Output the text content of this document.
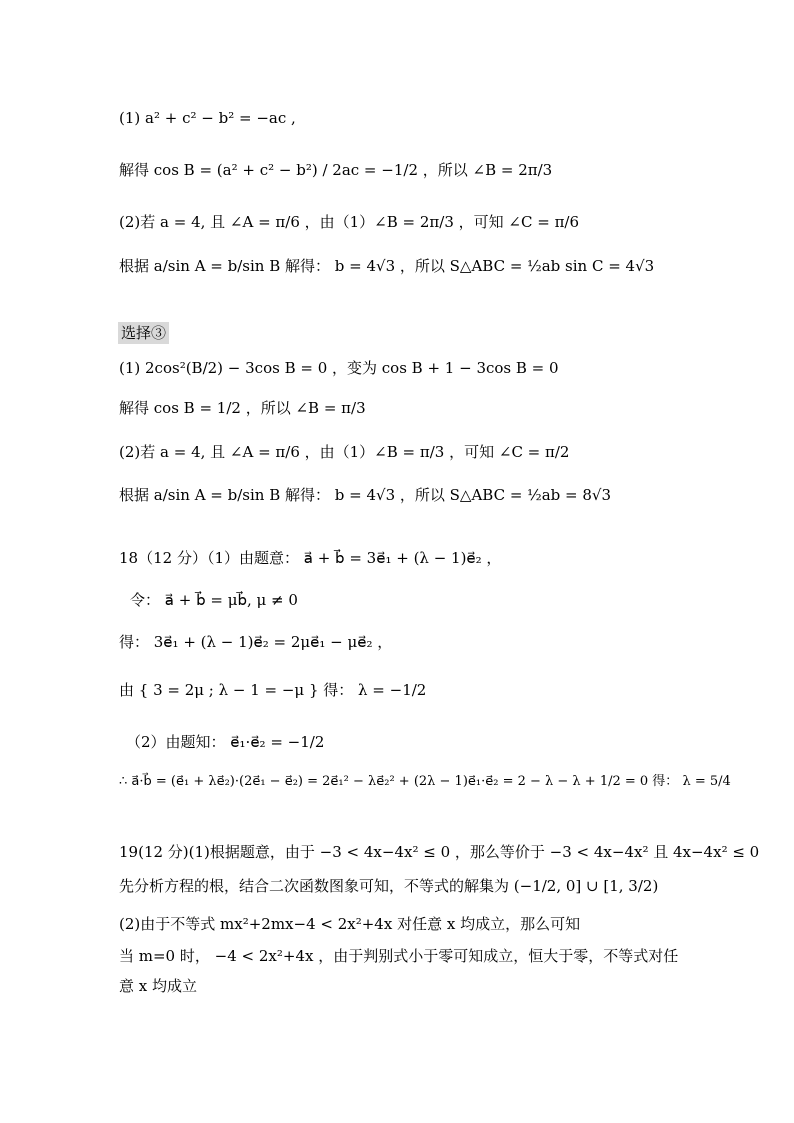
(1) a² + c² − b² = −ac ,
解得 cos B = (a² + c² − b²) / 2ac = −1/2 ，所以 ∠B = 2π/3
(2)若 a = 4, 且 ∠A = π/6 ，由（1）∠B = 2π/3 ，可知 ∠C = π/6
根据 a/sin A = b/sin B 解得： b = 4√3 ，所以 S△ABC = ½ab sin C = 4√3
选择③
(1) 2cos²(B/2) − 3cos B = 0 ，变为 cos B + 1 − 3cos B = 0
解得 cos B = 1/2 ，所以 ∠B = π/3
(2)若 a = 4, 且 ∠A = π/6 ，由（1）∠B = π/3 ，可知 ∠C = π/2
根据 a/sin A = b/sin B 解得： b = 4√3 ，所以 S△ABC = ½ab = 8√3
18（12 分）（1）由题意： a⃗ + b⃗ = 3e⃗₁ + (λ − 1)e⃗₂ ，
令： a⃗ + b⃗ = μb⃗, μ ≠ 0
得： 3e⃗₁ + (λ − 1)e⃗₂ = 2μe⃗₁ − μe⃗₂ ，
由 { 3 = 2μ ; λ − 1 = −μ } 得： λ = −1/2
（2）由题知： e⃗₁·e⃗₂ = −1/2
∴ a⃗·b⃗ = (e⃗₁ + λe⃗₂)·(2e⃗₁ − e⃗₂) = 2e⃗₁² − λe⃗₂² + (2λ − 1)e⃗₁·e⃗₂ = 2 − λ − λ + 1/2 = 0 得： λ = 5/4
19(12 分)(1)根据题意，由于 −3 < 4x−4x² ≤ 0 ，那么等价于 −3 < 4x−4x² 且 4x−4x² ≤ 0
先分析方程的根，结合二次函数图象可知，不等式的解集为 (−1/2, 0] ∪ [1, 3/2)
(2)由于不等式 mx²+2mx−4 < 2x²+4x 对任意 x 均成立，那么可知
当 m=0 时， −4 < 2x²+4x ，由于判别式小于零可知成立，恒大于零，不等式对任
意 x 均成立
